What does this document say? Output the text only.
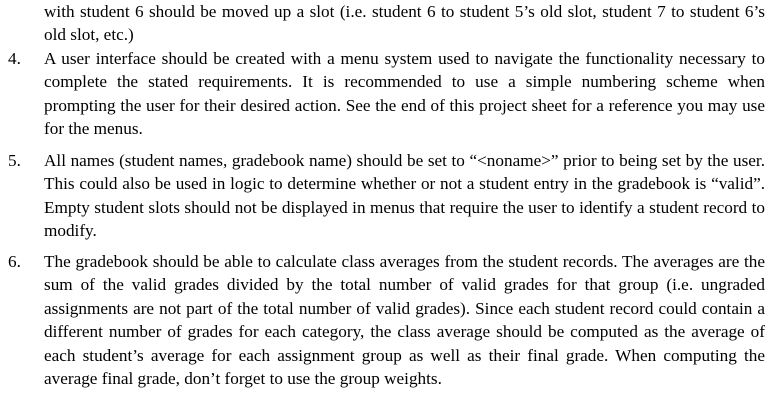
with student 6 should be moved up a slot (i.e. student 6 to student 5’s old slot, student 7 to student 6’s old slot, etc.)

4.	A user interface should be created with a menu system used to navigate the functionality necessary to complete the stated requirements. It is recommended to use a simple numbering scheme when prompting the user for their desired action. See the end of this project sheet for a reference you may use for the menus.
5.	All names (student names, gradebook name) should be set to “<noname>” prior to being set by the user. This could also be used in logic to determine whether or not a student entry in the gradebook is “valid”. Empty student slots should not be displayed in menus that require the user to identify a student record to modify.
6.	The gradebook should be able to calculate class averages from the student records. The averages are the sum of the valid grades divided by the total number of valid grades for that group (i.e. ungraded assignments are not part of the total number of valid grades). Since each student record could contain a different number of grades for each category, the class average should be computed as the average of each student’s average for each assignment group as well as their final grade. When computing the average final grade, don’t forget to use the group weights.
